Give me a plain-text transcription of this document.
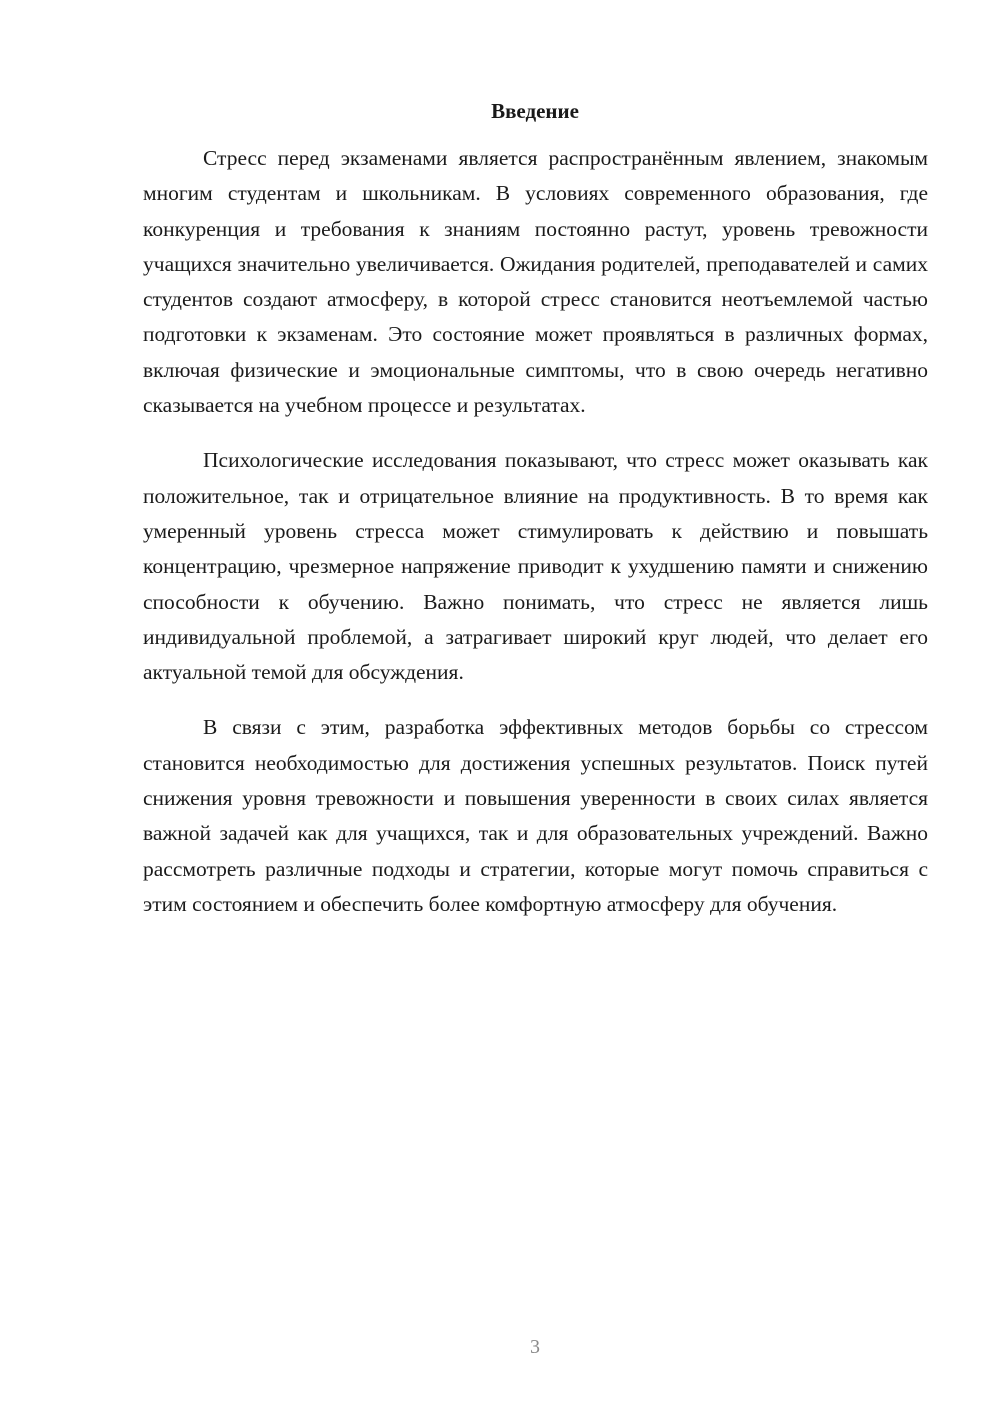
Введение

Стресс перед экзаменами является распространённым явлением, знакомым многим студентам и школьникам. В условиях современного образования, где конкуренция и требования к знаниям постоянно растут, уровень тревожности учащихся значительно увеличивается. Ожидания родителей, преподавателей и самих студентов создают атмосферу, в которой стресс становится неотъемлемой частью подготовки к экзаменам. Это состояние может проявляться в различных формах, включая физические и эмоциональные симптомы, что в свою очередь негативно сказывается на учебном процессе и результатах.

Психологические исследования показывают, что стресс может оказывать как положительное, так и отрицательное влияние на продуктивность. В то время как умеренный уровень стресса может стимулировать к действию и повышать концентрацию, чрезмерное напряжение приводит к ухудшению памяти и снижению способности к обучению. Важно понимать, что стресс не является лишь индивидуальной проблемой, а затрагивает широкий круг людей, что делает его актуальной темой для обсуждения.

В связи с этим, разработка эффективных методов борьбы со стрессом становится необходимостью для достижения успешных результатов. Поиск путей снижения уровня тревожности и повышения уверенности в своих силах является важной задачей как для учащихся, так и для образовательных учреждений. Важно рассмотреть различные подходы и стратегии, которые могут помочь справиться с этим состоянием и обеспечить более комфортную атмосферу для обучения.

3
